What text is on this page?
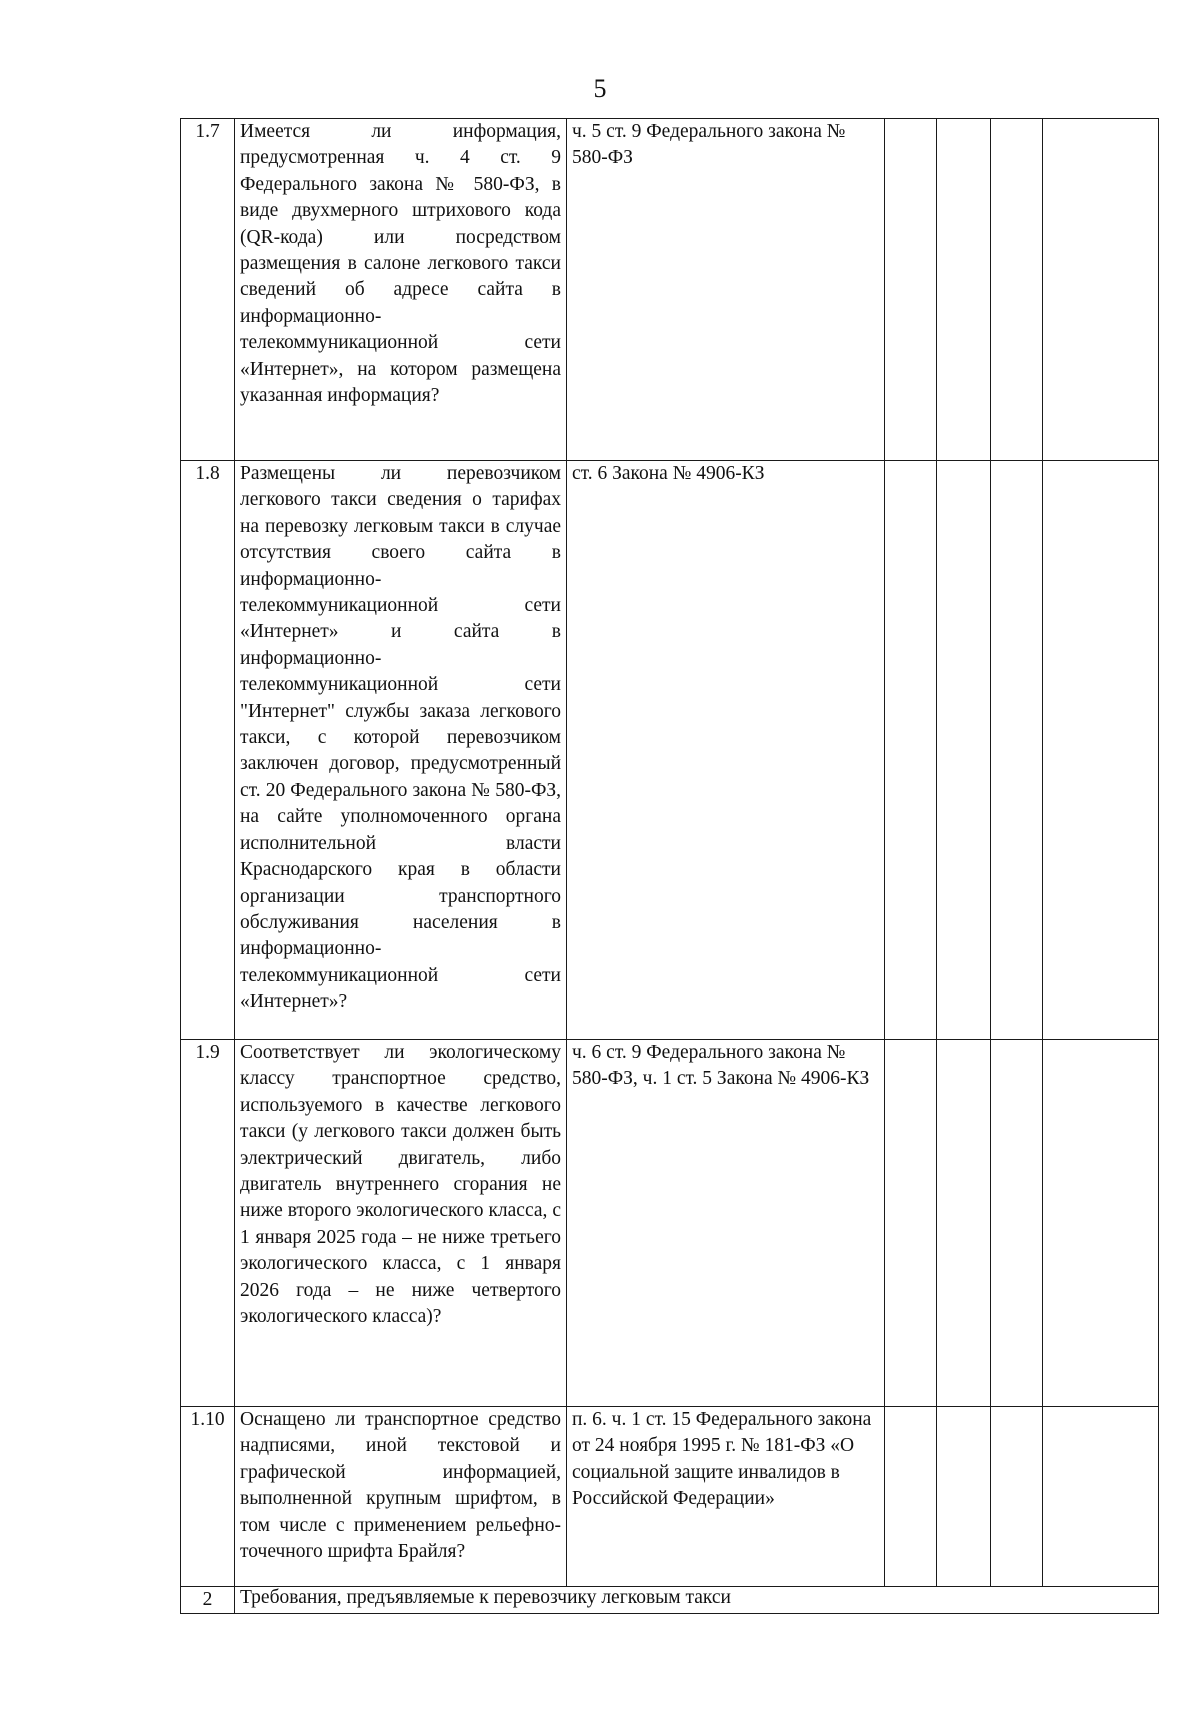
5
1.7	Имеется ли информация, предусмотренная ч. 4 ст. 9 Федерального закона № 580-ФЗ, в виде двухмерного штрихового кода (QR-кода) или посредством размещения в салоне легкового такси сведений об адресе сайта в информационно-телекоммуникационной сети «Интернет», на котором размещена указанная информация?	ч. 5 ст. 9 Федерального закона № 580-ФЗ				
1.8	Размещены ли перевозчиком легкового такси сведения о тарифах на перевозку легковым такси в случае отсутствия своего сайта в информационно-телекоммуникационной сети «Интернет» и сайта в информационно-телекоммуникационной сети "Интернет" службы заказа легкового такси, с которой перевозчиком заключен договор, предусмотренный ст. 20 Федерального закона № 580-ФЗ, на сайте уполномоченного органа исполнительной власти Краснодарского края в области организации транспортного обслуживания населения в информационно-телекоммуникационной сети «Интернет»?	ст. 6 Закона № 4906-КЗ				
1.9	Соответствует ли экологическому классу транспортное средство, используемого в качестве легкового такси (у легкового такси должен быть электрический двигатель, либо двигатель внутреннего сгорания не ниже второго экологического класса, с 1 января 2025 года – не ниже третьего экологического класса, с 1 января 2026 года – не ниже четвертого экологического класса)?	ч. 6 ст. 9 Федерального закона № 580-ФЗ, ч. 1 ст. 5 Закона № 4906-КЗ				
1.10	Оснащено ли транспортное средство надписями, иной текстовой и графической информацией, выполненной крупным шрифтом, в том числе с применением рельефно-точечного шрифта Брайля?	п. 6. ч. 1 ст. 15 Федерального закона от 24 ноября 1995 г. № 181-ФЗ «О социальной защите инвалидов в Российской Федерации»				
2	Требования, предъявляемые к перевозчику легковым такси					
